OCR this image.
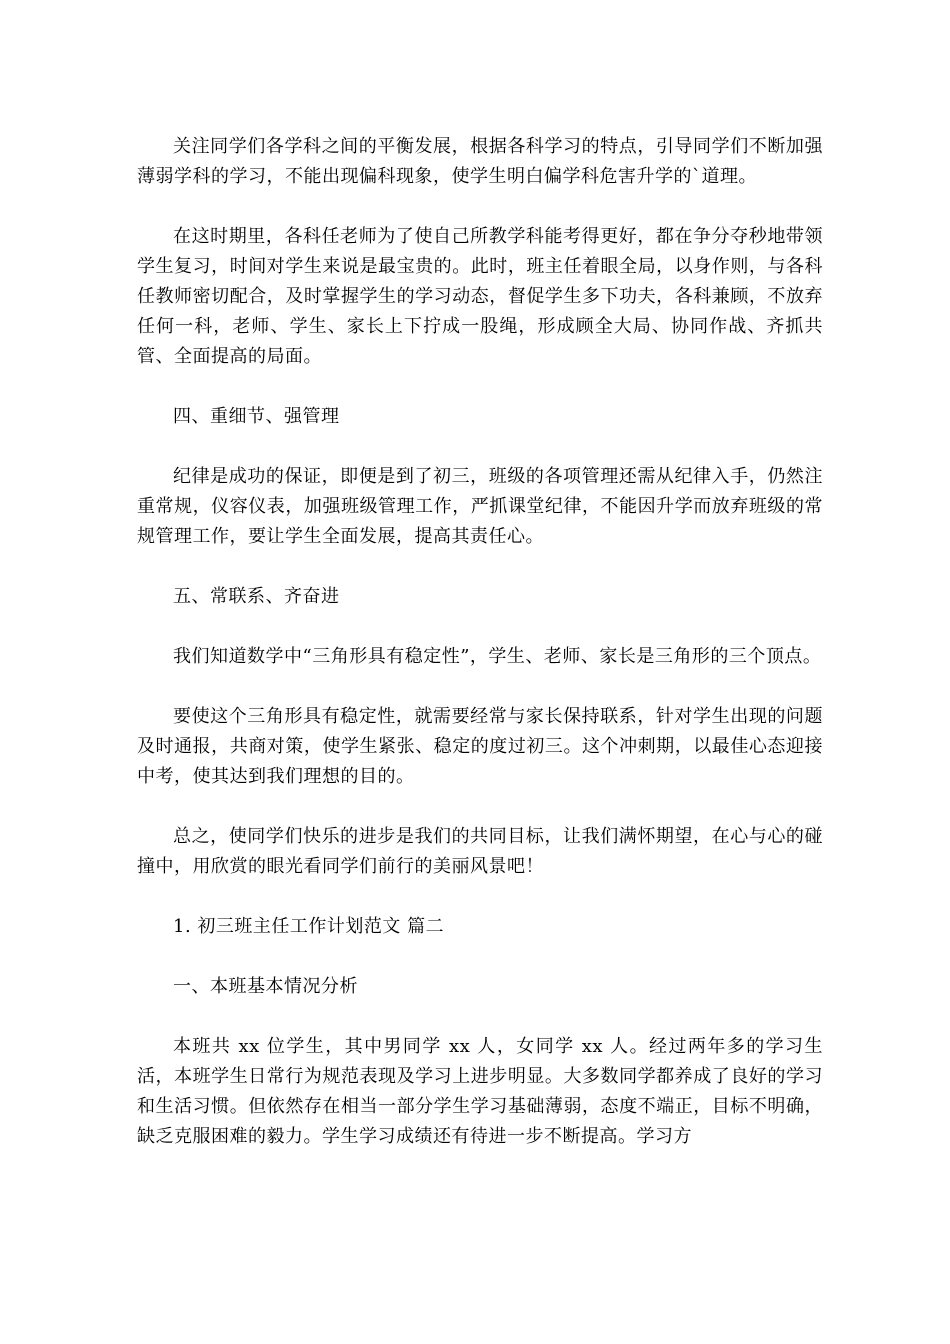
关注同学们各学科之间的平衡发展，根据各科学习的特点，引导同学们不断加强薄弱学科的学习，不能出现偏科现象，使学生明白偏学科危害升学的`道理。

在这时期里，各科任老师为了使自己所教学科能考得更好，都在争分夺秒地带领学生复习，时间对学生来说是最宝贵的。此时，班主任着眼全局，以身作则，与各科任教师密切配合，及时掌握学生的学习动态，督促学生多下功夫，各科兼顾，不放弃任何一科，老师、学生、家长上下拧成一股绳，形成顾全大局、协同作战、齐抓共管、全面提高的局面。

四、重细节、强管理

纪律是成功的保证，即便是到了初三，班级的各项管理还需从纪律入手，仍然注重常规，仪容仪表，加强班级管理工作，严抓课堂纪律，不能因升学而放弃班级的常规管理工作，要让学生全面发展，提高其责任心。

五、常联系、齐奋进

我们知道数学中“三角形具有稳定性”，学生、老师、家长是三角形的三个顶点。

要使这个三角形具有稳定性，就需要经常与家长保持联系，针对学生出现的问题及时通报，共商对策，使学生紧张、稳定的度过初三。这个冲刺期，以最佳心态迎接中考，使其达到我们理想的目的。

总之，使同学们快乐的进步是我们的共同目标，让我们满怀期望，在心与心的碰撞中，用欣赏的眼光看同学们前行的美丽风景吧！

1. 初三班主任工作计划范文 篇二

一、本班基本情况分析

本班共 xx 位学生，其中男同学 xx 人，女同学 xx 人。经过两年多的学习生活，本班学生日常行为规范表现及学习上进步明显。大多数同学都养成了良好的学习和生活习惯。但依然存在相当一部分学生学习基础薄弱，态度不端正，目标不明确，缺乏克服困难的毅力。学生学习成绩还有待进一步不断提高。学习方
